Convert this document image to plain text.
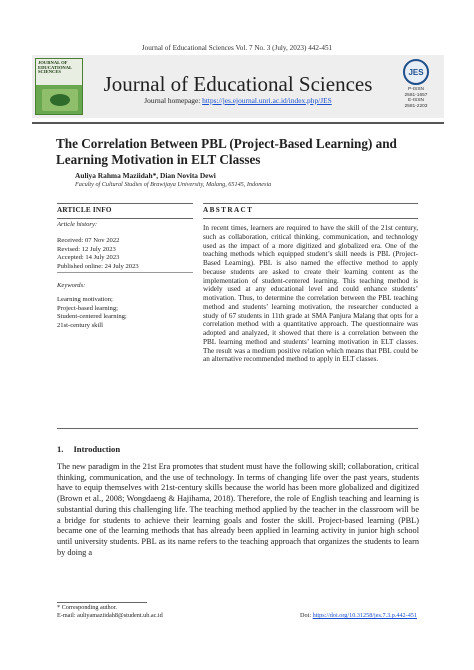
Journal of Educational Sciences Vol. 7 No. 3 (July, 2023) 442-451
JOURNAL OF EDUCATIONAL SCIENCES
Journal of Educational Sciences
Journal homepage: https://jes.ejournal.unri.ac.id/index.php/JES
JES
P-ISSN
2581-1657
E-ISSN
2581-2203
The Correlation Between PBL (Project-Based Learning) and Learning Motivation in ELT Classes
Auliya Rahma Maziidah*, Dian Novita Dewi
Faculty of Cultural Studies of Brawijaya University, Malang, 65145, Indonesia
ARTICLE INFO	ABSTRACT
Article history:
Received: 07 Nov 2022
Revised: 12 July 2023
Accepted: 14 July 2023
Published online: 24 July 2023
Keywords:
Learning motivation;
Project-based learning;
Student-centered learning;
21st-century skill
In recent times, learners are required to have the skill of the 21st century, such as collaboration, critical thinking, communication, and technology used as the impact of a more digitized and globalized era. One of the teaching methods which equipped student’s skill needs is PBL (Project-Based Learning). PBL is also named the effective method to apply because students are asked to create their learning content as the implementation of student-centered learning. This teaching method is widely used at any educational level and could enhance students’ motivation. Thus, to determine the correlation between the PBL teaching method and students’ learning motivation, the researcher conducted a study of 67 students in 11th grade at SMA Panjura Malang that opts for a correlation method with a quantitative approach. The questionnaire was adopted and analyzed, it showed that there is a correlation between the PBL learning method and students’ learning motivation in ELT classes. The result was a medium positive relation which means that PBL could be an alternative recommended method to apply in ELT classes.
1. Introduction
The new paradigm in the 21st Era promotes that student must have the following skill; collaboration, critical thinking, communication, and the use of technology. In terms of changing life over the past years, students have to equip themselves with 21st-century skills because the world has been more globalized and digitized (Brown et al., 2008; Wongdaeng & Hajihama, 2018). Therefore, the role of English teaching and learning is substantial during this challenging life. The teaching method applied by the teacher in the classroom will be a bridge for students to achieve their learning goals and foster the skill. Project-based learning (PBL) became one of the learning methods that has already been applied in learning activity in junior high school until university students. PBL as its name refers to the teaching approach that organizes the students to learn by doing a
* Corresponding author.
E-mail: auliyamaziidah8@student.ub.ac.id	Doi: https://doi.org/10.31258/jes.7.3.p.442-451
